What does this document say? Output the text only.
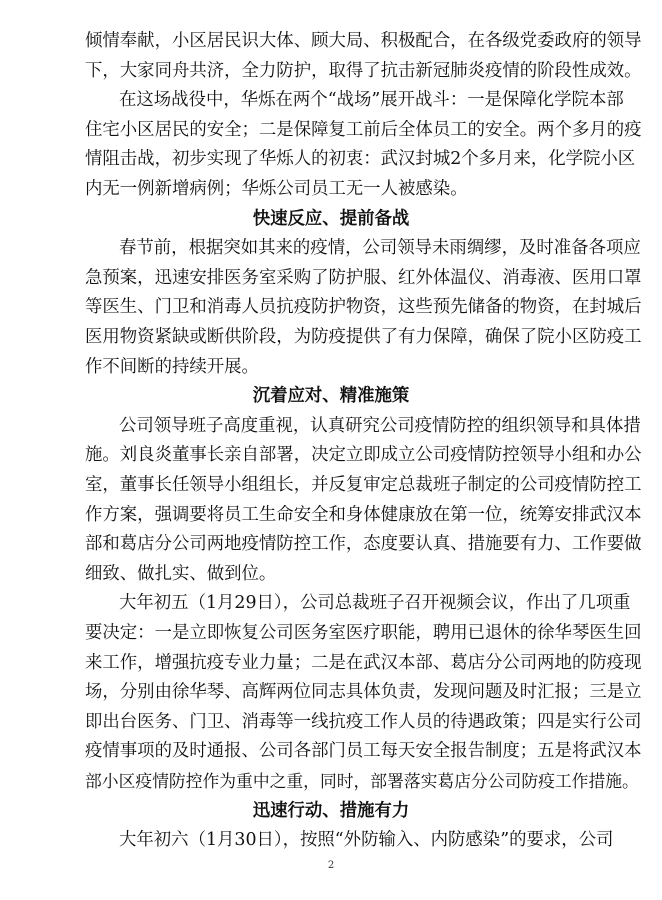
倾情奉献，小区居民识大体、顾大局、积极配合，在各级党委政府的领导
下，大家同舟共济，全力防护，取得了抗击新冠肺炎疫情的阶段性成效。
在这场战役中，华烁在两个“战场”展开战斗：一是保障化学院本部
住宅小区居民的安全；二是保障复工前后全体员工的安全。两个多月的疫
情阻击战，初步实现了华烁人的初衷：武汉封城2个多月来，化学院小区
内无一例新增病例；华烁公司员工无一人被感染。
快速反应、提前备战
春节前，根据突如其来的疫情，公司领导未雨绸缪，及时准备各项应
急预案，迅速安排医务室采购了防护服、红外体温仪、消毒液、医用口罩
等医生、门卫和消毒人员抗疫防护物资，这些预先储备的物资，在封城后
医用物资紧缺或断供阶段，为防疫提供了有力保障，确保了院小区防疫工
作不间断的持续开展。
沉着应对、精准施策
公司领导班子高度重视，认真研究公司疫情防控的组织领导和具体措
施。刘良炎董事长亲自部署，决定立即成立公司疫情防控领导小组和办公
室，董事长任领导小组组长，并反复审定总裁班子制定的公司疫情防控工
作方案，强调要将员工生命安全和身体健康放在第一位，统筹安排武汉本
部和葛店分公司两地疫情防控工作，态度要认真、措施要有力、工作要做
细致、做扎实、做到位。
大年初五（1月29日），公司总裁班子召开视频会议，作出了几项重
要决定：一是立即恢复公司医务室医疗职能，聘用已退休的徐华琴医生回
来工作，增强抗疫专业力量；二是在武汉本部、葛店分公司两地的防疫现
场，分别由徐华琴、高辉两位同志具体负责，发现问题及时汇报；三是立
即出台医务、门卫、消毒等一线抗疫工作人员的待遇政策；四是实行公司
疫情事项的及时通报、公司各部门员工每天安全报告制度；五是将武汉本
部小区疫情防控作为重中之重，同时，部署落实葛店分公司防疫工作措施。
迅速行动、措施有力
大年初六（1月30日），按照“外防输入、内防感染”的要求，公司
2
